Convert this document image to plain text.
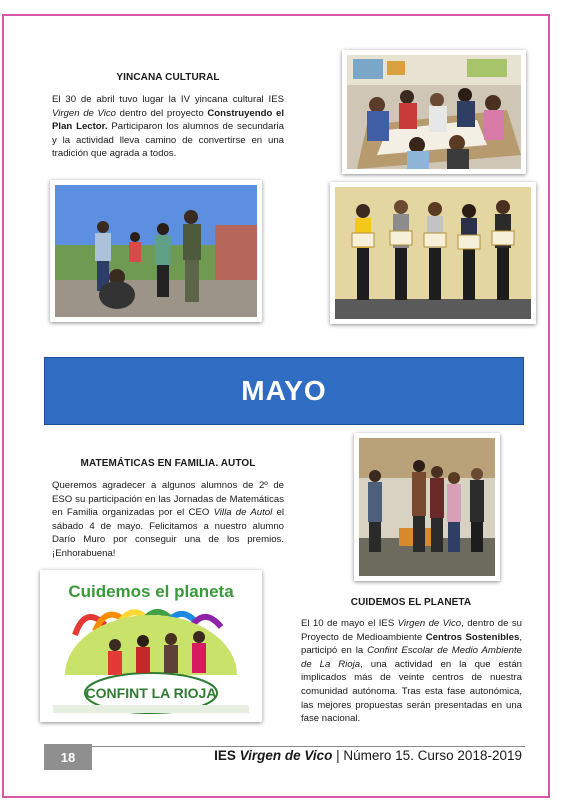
YINCANA CULTURAL

El 30 de abril tuvo lugar la IV yincana cultural IES Virgen de Vico dentro del proyecto Construyendo el Plan Lector. Participaron los alumnos de secundaria y la actividad lleva camino de convertirse en una tradición que agrada a todos.

MAYO
MATEMÁTICAS EN FAMILIA. AUTOL

Queremos agradecer a algunos alumnos de 2º de ESO su participación en las Jornadas de Matemáticas en Familia organizadas por el CEO Villa de Autol el sábado 4 de mayo. Felicitamos a nuestro alumno Darío Muro por conseguir una de los premios. ¡Enhorabuena!

Cuidemos el planeta
CONFINT LA RIOJA
CUIDEMOS EL PLANETA

El 10 de mayo el IES Virgen de Vico, dentro de su Proyecto de Medioambiente Centros Sostenibles, participó en la Confint Escolar de Medio Ambiente de La Rioja, una actividad en la que están implicados más de veinte centros de nuestra comunidad autónoma. Tras esta fase autonómica, las mejores propuestas serán presentadas en una fase nacional.

18	IES Virgen de Vico | Número 15. Curso 2018-2019
